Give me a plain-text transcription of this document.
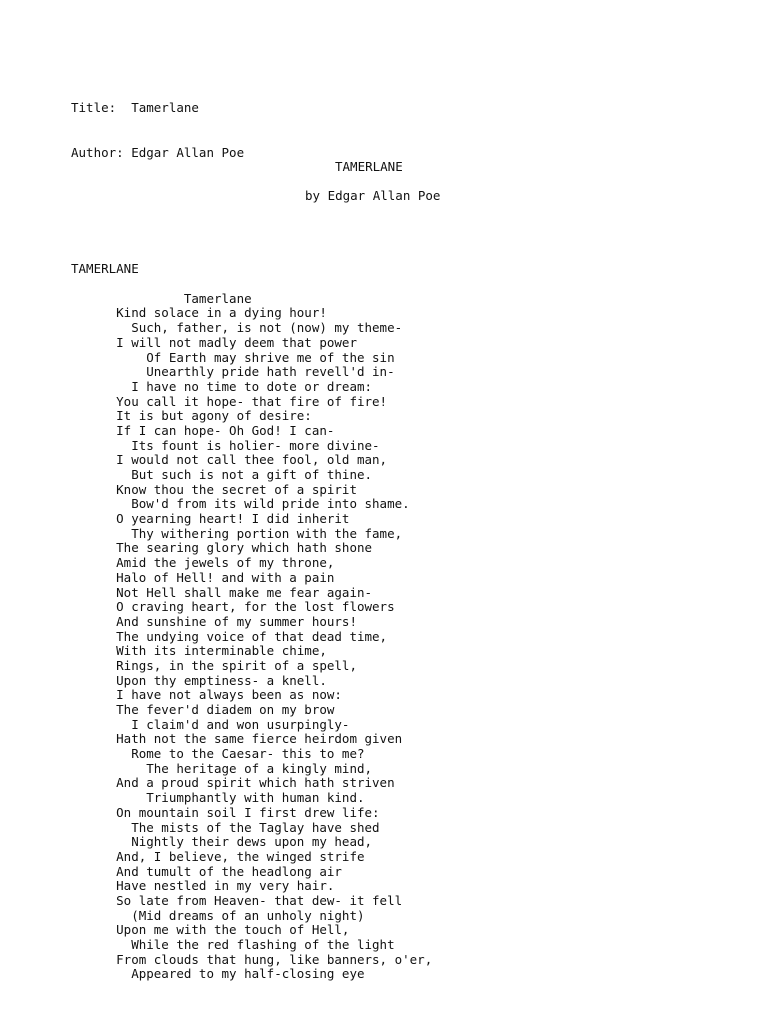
Title:  Tamerlane

Author: Edgar Allan Poe

TAMERLANE
by Edgar Allan Poe

TAMERLANE

Tamerlane
Kind solace in a dying hour!
Such, father, is not (now) my theme-
I will not madly deem that power
Of Earth may shrive me of the sin
Unearthly pride hath revell'd in-
I have no time to dote or dream:
You call it hope- that fire of fire!
It is but agony of desire:
If I can hope- Oh God! I can-
Its fount is holier- more divine-
I would not call thee fool, old man,
But such is not a gift of thine.
Know thou the secret of a spirit
Bow'd from its wild pride into shame.
O yearning heart! I did inherit
Thy withering portion with the fame,
The searing glory which hath shone
Amid the jewels of my throne,
Halo of Hell! and with a pain
Not Hell shall make me fear again-
O craving heart, for the lost flowers
And sunshine of my summer hours!
The undying voice of that dead time,
With its interminable chime,
Rings, in the spirit of a spell,
Upon thy emptiness- a knell.
I have not always been as now:
The fever'd diadem on my brow
I claim'd and won usurpingly-
Hath not the same fierce heirdom given
Rome to the Caesar- this to me?
The heritage of a kingly mind,
And a proud spirit which hath striven
Triumphantly with human kind.
On mountain soil I first drew life:
The mists of the Taglay have shed
Nightly their dews upon my head,
And, I believe, the winged strife
And tumult of the headlong air
Have nestled in my very hair.
So late from Heaven- that dew- it fell
(Mid dreams of an unholy night)
Upon me with the touch of Hell,
While the red flashing of the light
From clouds that hung, like banners, o'er,
Appeared to my half-closing eye
